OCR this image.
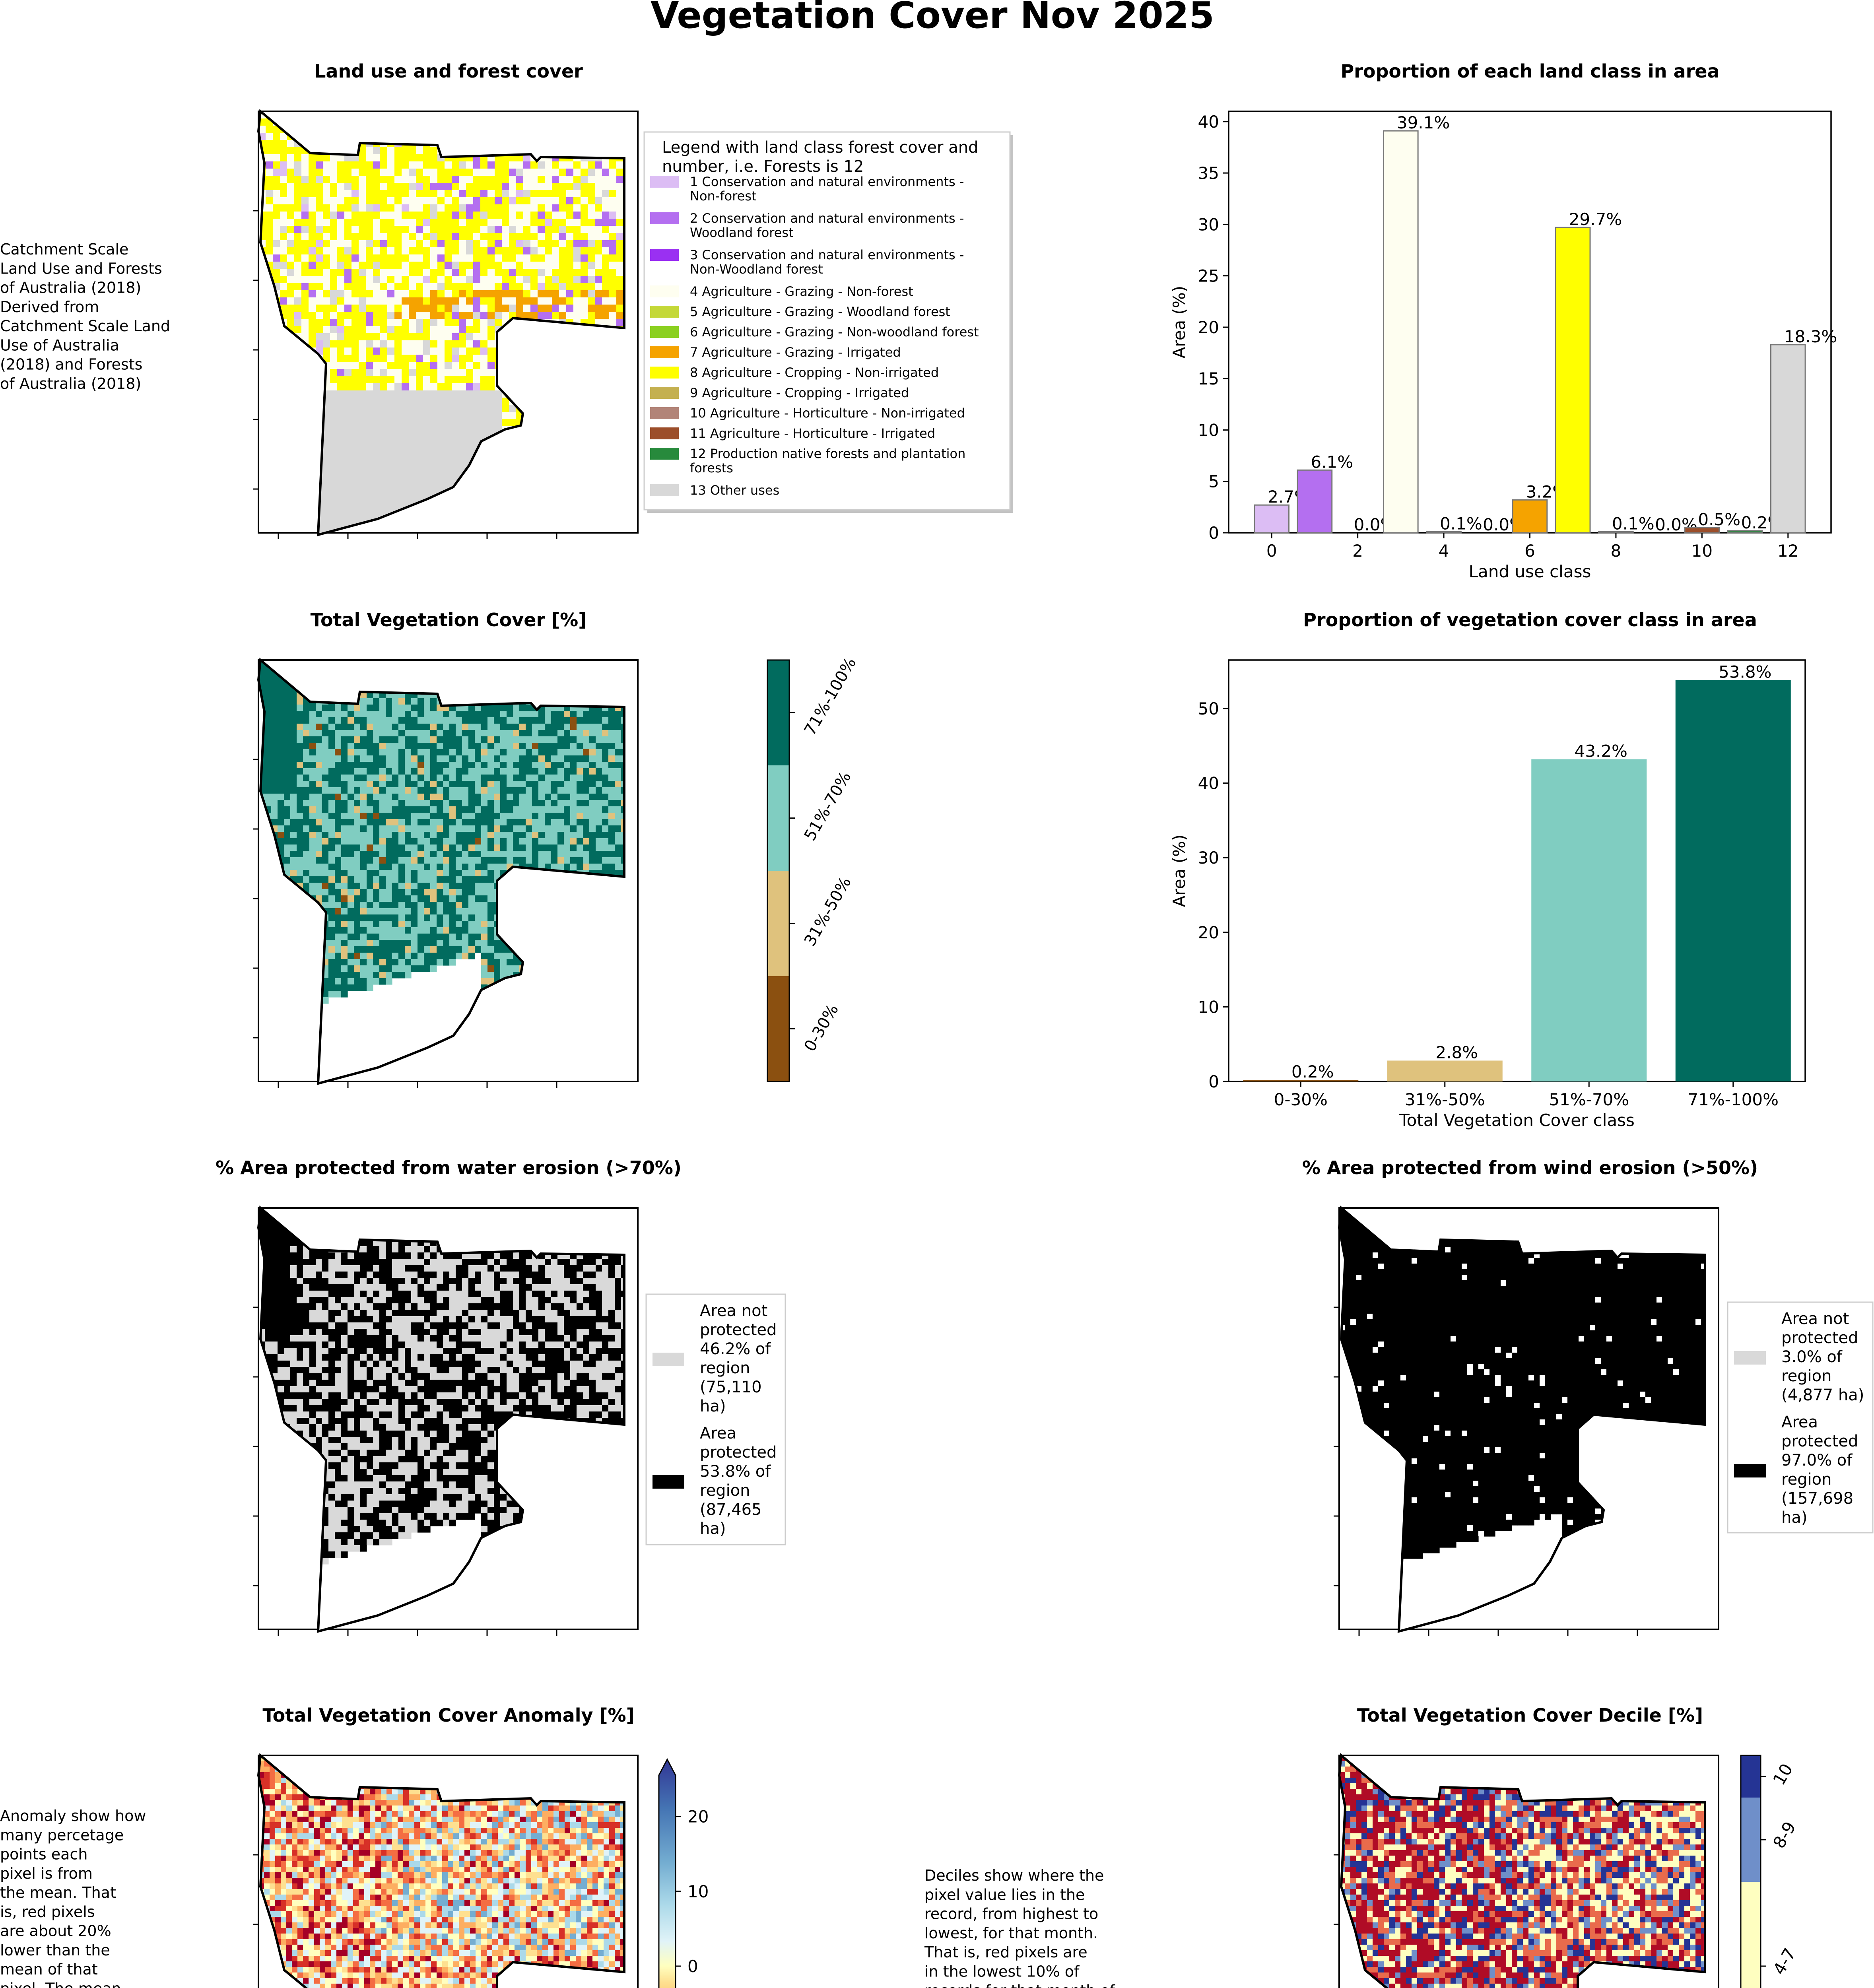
Vegetation Cover Nov 2025
Land use and forest cover
Catchment Scale Land Use and Forests of Australia (2018) Derived from Catchment Scale Land Use of Australia (2018) and Forests of Australia (2018)
Legend with land class forest cover and number, i.e. Forests is 12
1 Conservation and natural environments -Non-forest
2 Conservation and natural environments -Woodland forest
3 Conservation and natural environments -Non-Woodland forest
4 Agriculture - Grazing - Non-forest
5 Agriculture - Grazing - Woodland forest
6 Agriculture - Grazing - Non-woodland forest
7 Agriculture - Grazing - Irrigated
8 Agriculture - Cropping - Non-irrigated
9 Agriculture - Cropping - Irrigated
10 Agriculture - Horticulture - Non-irrigated
11 Agriculture - Horticulture - Irrigated
12 Production native forests and plantation forests
13 Other uses
Proportion of each land class in area
0
5
10
15
20
25
30
35
40
2.7%
6.1%
0.0%
39.1%
0.1% 0.0%
3.2%
29.7%
0.1% 0.0% 0.5% 0.2%
18.3%
0	2	4	6	8	10	12
Land use class
Area (%)
Total Vegetation Cover [%]
0-30%
31%-50%
51%-70%
71%-100%
Proportion of vegetation cover class in area
0
10
20
30
40
50
0.2%
2.8%
43.2%
53.8%
0-30%	31%-50%	51%-70%	71%-100%
Total Vegetation Cover class
Area (%)
% Area protected from water erosion (>70%)
Area not protected 46.2% of region (75,110 ha)
Area protected 53.8% of region (87,465 ha)
% Area protected from wind erosion (>50%)
Area not protected 3.0% of region (4,877 ha)
Area protected 97.0% of region (157,698 ha)
Total Vegetation Cover Anomaly [%]
Anomaly show how many percetage points each pixel is from the mean. That is, red pixels are about 20% lower than the mean of that
20
10
0
Total Vegetation Cover Decile [%]
Deciles show where the pixel value lies in the record, from highest to lowest, for that month. That is, red pixels are in the lowest 10% of	4-7
8-9
10
